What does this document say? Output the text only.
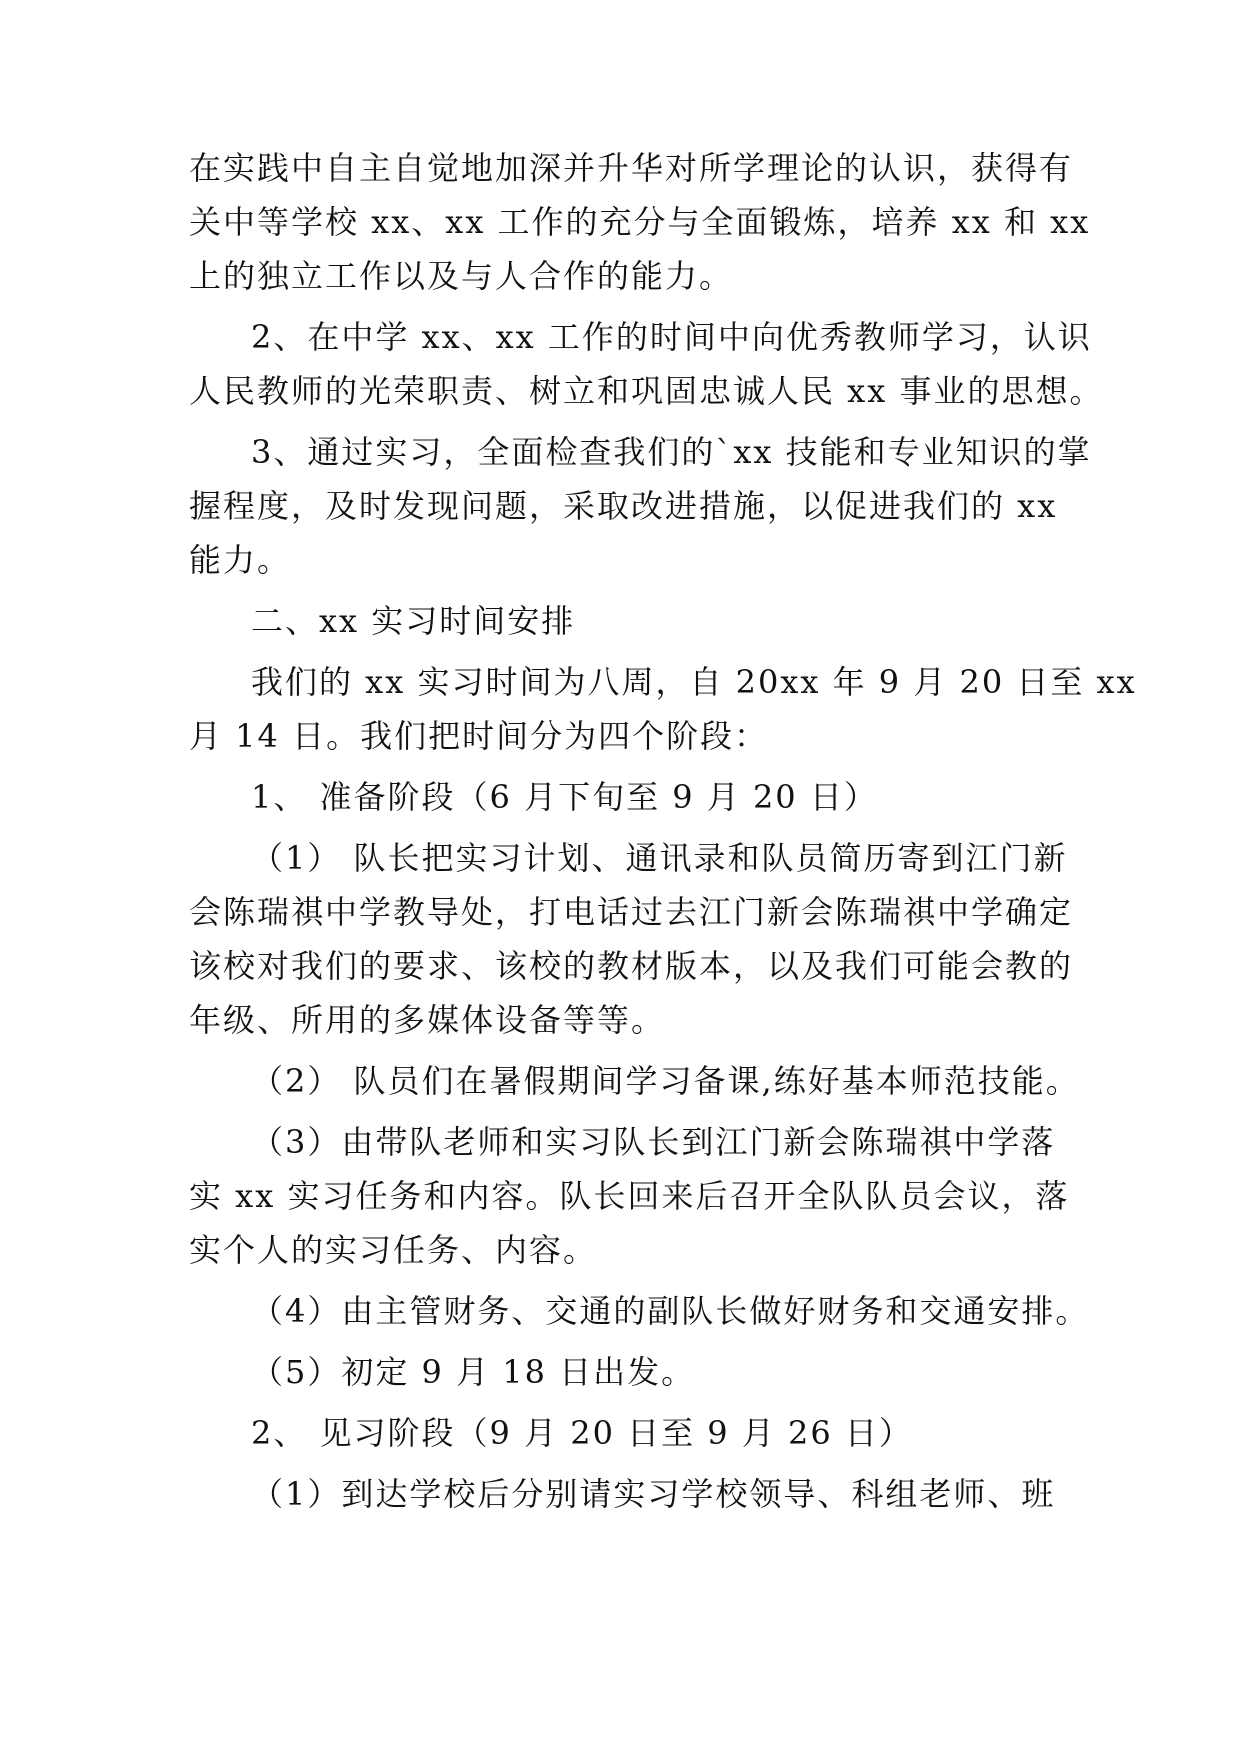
在实践中自主自觉地加深并升华对所学理论的认识，获得有
关中等学校 xx、xx 工作的充分与全面锻炼，培养 xx 和 xx
上的独立工作以及与人合作的能力。
2、在中学 xx、xx 工作的时间中向优秀教师学习，认识
人民教师的光荣职责、树立和巩固忠诚人民 xx 事业的思想。
3、通过实习，全面检查我们的`xx 技能和专业知识的掌
握程度，及时发现问题，采取改进措施，以促进我们的 xx
能力。
二、xx 实习时间安排
我们的 xx 实习时间为八周，自 20xx 年 9 月 20 日至 xx
月 14 日。我们把时间分为四个阶段：
1、 准备阶段（6 月下旬至 9 月 20 日）
（1） 队长把实习计划、通讯录和队员简历寄到江门新
会陈瑞祺中学教导处，打电话过去江门新会陈瑞祺中学确定
该校对我们的要求、该校的教材版本，以及我们可能会教的
年级、所用的多媒体设备等等。
（2） 队员们在暑假期间学习备课,练好基本师范技能。
（3）由带队老师和实习队长到江门新会陈瑞祺中学落
实 xx 实习任务和内容。队长回来后召开全队队员会议，落
实个人的实习任务、内容。
（4）由主管财务、交通的副队长做好财务和交通安排。
（5）初定 9 月 18 日出发。
2、 见习阶段（9 月 20 日至 9 月 26 日）
（1）到达学校后分别请实习学校领导、科组老师、班
